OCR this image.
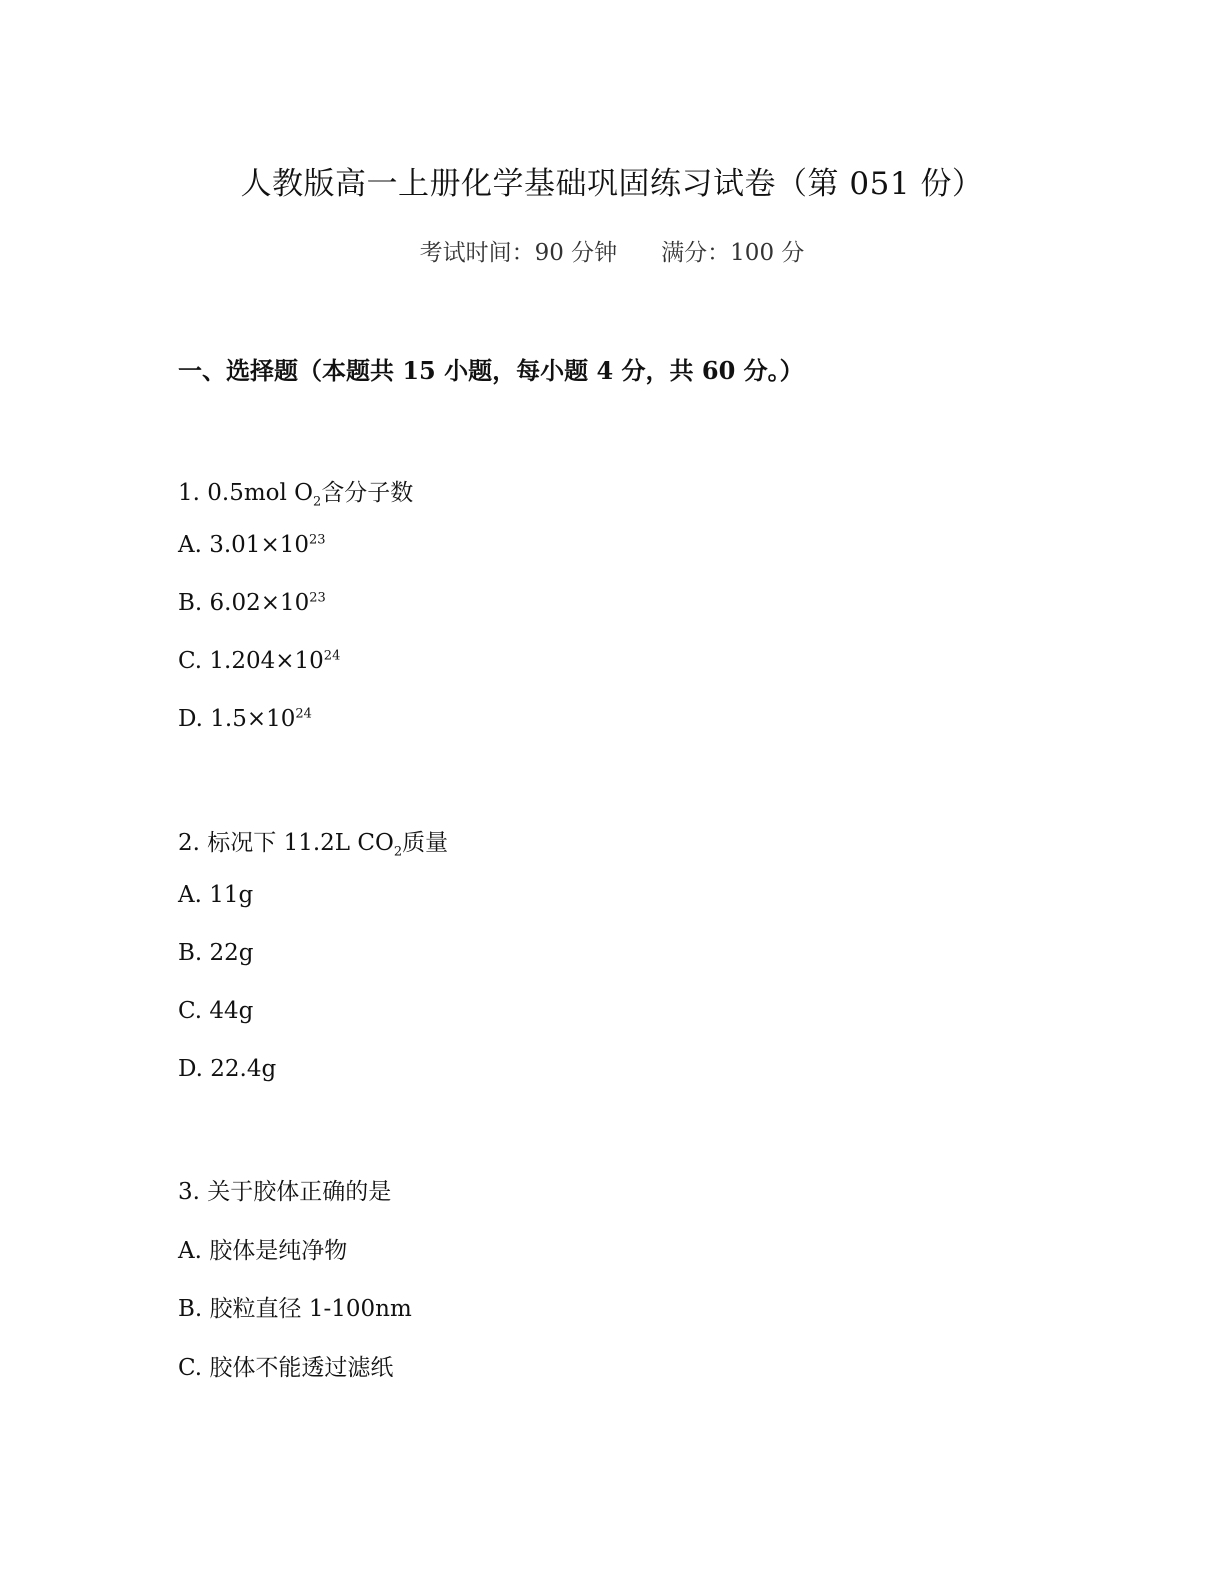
人教版高一上册化学基础巩固练习试卷（第 051 份）
考试时间：90 分钟 满分：100 分
一、选择题（本题共 15 小题，每小题 4 分，共 60 分。）
1. 0.5mol $O_2$含分子数
A. $3.01\times 10^{23}$
B. $6.02\times 10^{23}$
C. $1.204\times 10^{24}$
D. $1.5\times 10^{24}$
2. 标况下 11.2L $CO_2$质量
A. 11g
B. 22g
C. 44g
D. 22.4g
3. 关于胶体正确的是
A. 胶体是纯净物
B. 胶粒直径 1-100nm
C. 胶体不能透过滤纸
